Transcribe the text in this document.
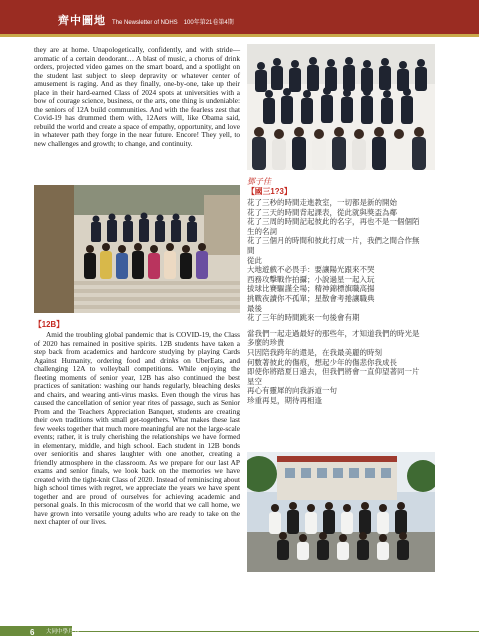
齊中圖地 The Newsletter of NDHS 100年第21卷第4期

they are at home. Unapologetically, confidently, and with stride—aromatic of a certain deodorant… A blast of music, a chorus of drink orders, projected video games on the smart board, and a spotlight on the student last subject to sleep depravity or whatever center of amusement is raging. And as they finally, one-by-one, take up their place in their hard-earned Class of 2024 spots at universities with a bow of courage science, business, or the arts, one thing is undeniable: the seniors of 12A build communities. And with the fearless zest that Covid-19 has drummed them with, 12Aers will, like Obama said, rebuild the world and create a space of empathy, opportunity, and love in whatever path they forge in the near future. Encore! They yell, to new challenges and growth; to change, and continuity.

【12B】

Amid the troubling global pandemic that is COVID-19, the Class of 2020 has remained in positive spirits. 12B students have taken a step back from academics and hardcore studying by playing Cards Against Humanity, ordering food and drinks on UberEats, and challenging 12A to volleyball competitions. While enjoying the fleeting moments of senior year, 12B has also continued the best practices of sanitation: washing our hands regularly, bleaching desks and chairs, and wearing anti-virus masks. Even though the virus has caused the cancellation of senior year rites of passage, such as Senior Prom and the Teachers Appreciation Banquet, students are creating their own traditions with small get-togethers. What makes these last few weeks together that much more meaningful are not the large-scale events; rather, it is truly cherishing the relationships we have formed in elementary, middle, and high school. Each student in 12B bonds over senioritis and shares laughter with one another, creating a friendly atmosphere in the classroom. As we prepare for our last AP exams and senior finals, we look back on the memories we have created with the tight-knit Class of 2020. Instead of reminiscing about high school times with regret, we appreciate the years we have spent together and are proud of ourselves for achieving academic and personal goals. In this microcosm of the world that we call home, we have grown into versatile young adults who are ready to take on the next chapter of our lives.

鄧子佳

【國三1?3】

花了三秒的時間走進教室，一切都是新的開始

花了三天的時間背起課表，從此就與獎盃為鄰

花了三周的時間記起彼此的名字，再也不是一個個陌

生的名詞

花了三個月的時間和彼此打成一片，我們之間合作無

間

從此

大地遊戲不必畏手：要讓陽光跟來不哭

西務攻擊戰作拍攝；小說過星一起入玩

拔球比賽驅謹全場；精神錦標旗職高揚

挑戰夜讀你不孤單；星散會考捲讓職典

最後

花了三年的時間跳來一句後會有期

當我們一起走過最好的那些年，才知道我們的時光是

多麼的珍貴

只因陪我跨年的還是，在我最美麗的時刻

何數著彼此的傷痕，想起少年的傷悲你我成長

即使你將踏夏日遠去，但我們將會一直仰望著同一片

星空

再心有靈犀的向我訴道一句

珍重再見，期待再相逢

6 大同中學月刊
